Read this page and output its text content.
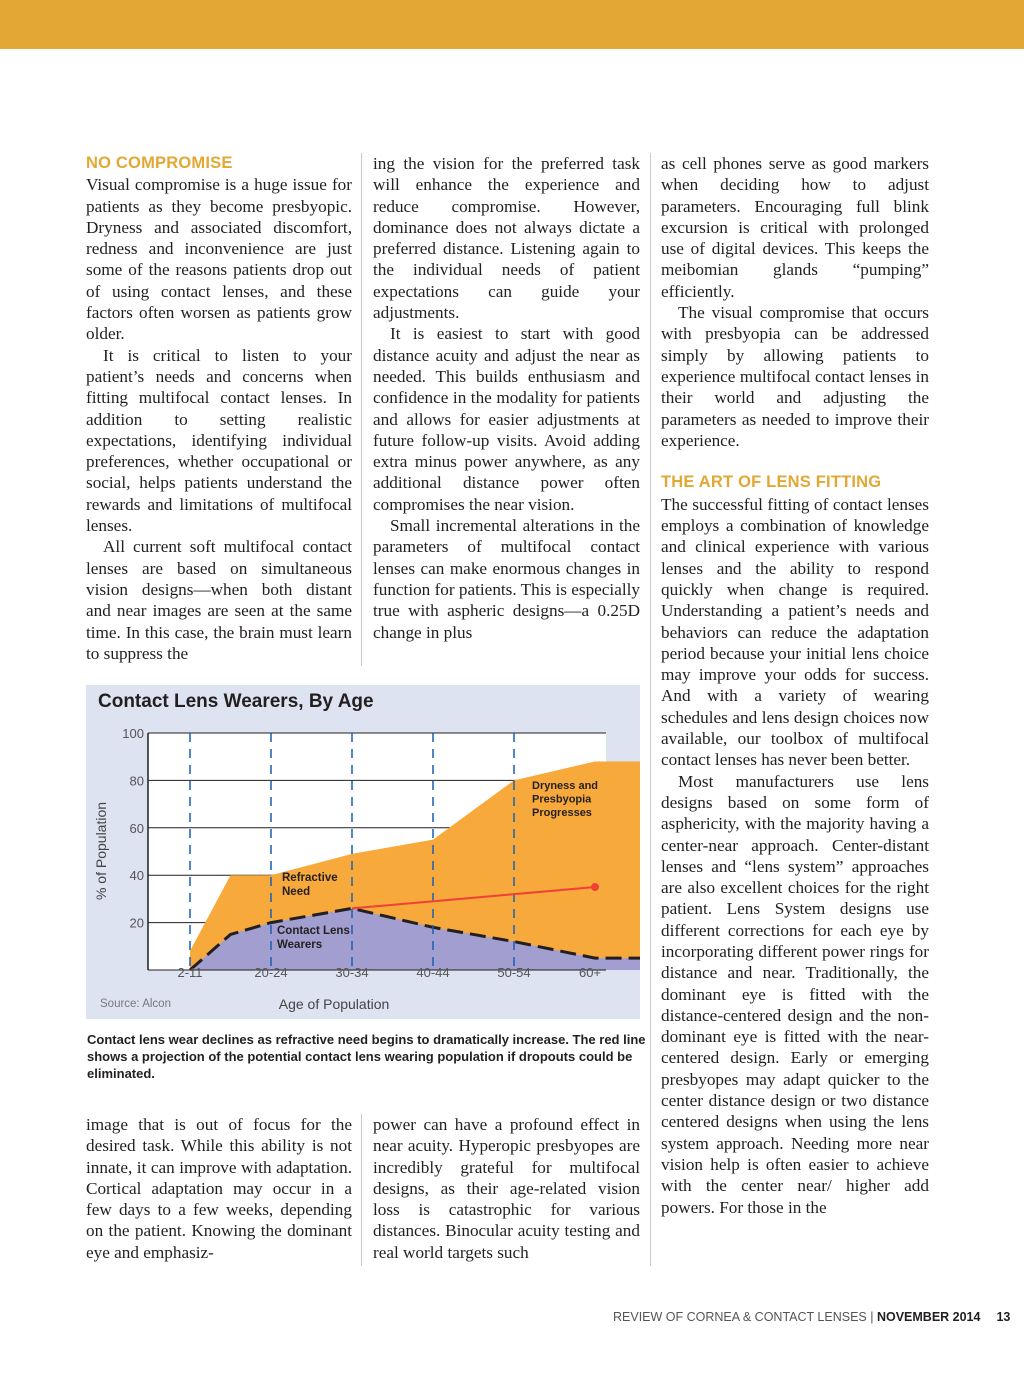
NO COMPROMISE

Visual compromise is a huge issue for patients as they become presbyopic. Dryness and associated discomfort, redness and inconvenience are just some of the reasons patients drop out of using contact lenses, and these factors often worsen as patients grow older.

It is critical to listen to your patient’s needs and concerns when fitting multifocal contact lenses. In addition to setting realistic expectations, identifying individual preferences, whether occupational or social, helps patients understand the rewards and limitations of multifocal lenses.

All current soft multifocal contact lenses are based on simultaneous vision designs—when both distant and near images are seen at the same time. In this case, the brain must learn to suppress the

ing the vision for the preferred task will enhance the experience and reduce compromise. However, dominance does not always dictate a preferred distance. Listening again to the individual needs of patient expectations can guide your adjustments.

It is easiest to start with good distance acuity and adjust the near as needed. This builds enthusiasm and confidence in the modality for patients and allows for easier adjustments at future follow-up visits. Avoid adding extra minus power anywhere, as any additional distance power often compromises the near vision.

Small incremental alterations in the parameters of multifocal contact lenses can make enormous changes in function for patients. This is especially true with aspheric designs—a 0.25D change in plus

as cell phones serve as good markers when deciding how to adjust parameters. Encouraging full blink excursion is critical with prolonged use of digital devices. This keeps the meibomian glands “pumping” efficiently.

The visual compromise that occurs with presbyopia can be addressed simply by allowing patients to experience multifocal contact lenses in their world and adjusting the parameters as needed to improve their experience.

THE ART OF LENS FITTING

The successful fitting of contact lenses employs a combination of knowledge and clinical experience with various lenses and the ability to respond quickly when change is required. Understanding a patient’s needs and behaviors can reduce the adaptation period because your initial lens choice may improve your odds for success. And with a variety of wearing schedules and lens design choices now available, our toolbox of multifocal contact lenses has never been better.

Most manufacturers use lens designs based on some form of asphericity, with the majority having a center-near approach. Center-distant lenses and “lens system” approaches are also excellent choices for the right patient. Lens System designs use different corrections for each eye by incorporating different power rings for distance and near. Traditionally, the dominant eye is fitted with the distance-centered design and the non-dominant eye is fitted with the near-centered design. Early or emerging presbyopes may adapt quicker to the center distance design or two distance centered designs when using the lens system approach. Needing more near vision help is often easier to achieve with the center near/ higher add powers. For those in the

Contact Lens Wearers, By Age
20
40
60
80
100
2-11	20-24	30-34	40-44	50-54	60+
Age of Population
% of Population
Source: Alcon
Refractive
Need
Contact Lens
Wearers
Dryness and
Presbyopia
Progresses
Contact lens wear declines as refractive need begins to dramatically increase. The red line shows a projection of the potential contact lens wearing population if dropouts could be eliminated.

image that is out of focus for the desired task. While this ability is not innate, it can improve with adaptation. Cortical adaptation may occur in a few days to a few weeks, depending on the patient. Knowing the dominant eye and emphasiz-

power can have a profound effect in near acuity. Hyperopic presbyopes are incredibly grateful for multifocal designs, as their age-related vision loss is catastrophic for various distances. Binocular acuity testing and real world targets such

REVIEW OF CORNEA & CONTACT LENSES | NOVEMBER 2014 13
